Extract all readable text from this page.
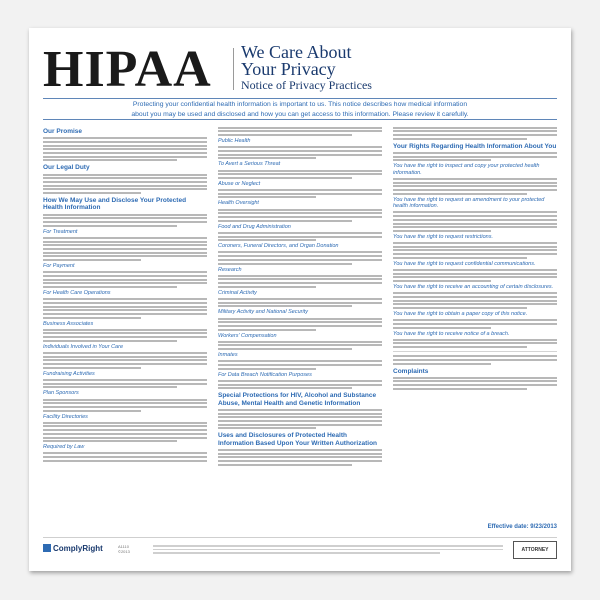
HIPAA We Care About
Your Privacy
Notice of Privacy Practices
Protecting your confidential health information is important to us. This notice describes how medical information
about you may be used and disclosed and how you can get access to this information. Please review it carefully.
Our Promise
Our Legal Duty
How We May Use and Disclose Your Protected Health Information
For Treatment
For Payment
For Health Care Operations
Business Associates
Individuals Involved in Your Care
Fundraising Activities
Plan Sponsors
Facility Directories
Required by Law
Public Health
To Avert a Serious Threat
Abuse or Neglect
Health Oversight
Food and Drug Administration
Coroners, Funeral Directors, and Organ Donation
Research
Criminal Activity
Military Activity and National Security
Workers' Compensation
Inmates
For Data Breach Notification Purposes
Special Protections for HIV, Alcohol and Substance Abuse, Mental Health and Genetic Information
Uses and Disclosures of Protected Health Information Based Upon Your Written Authorization
Your Rights Regarding Health Information About You
You have the right to inspect and copy your protected health information.
You have the right to request an amendment to your protected health information.
You have the right to request restrictions.
You have the right to request confidential communications.
You have the right to receive an accounting of certain disclosures.
You have the right to obtain a paper copy of this notice.
You have the right to receive notice of a breach.
Complaints
Effective date: 9/23/2013
ComplyRight	A1110
©2013	ATTORNEY
